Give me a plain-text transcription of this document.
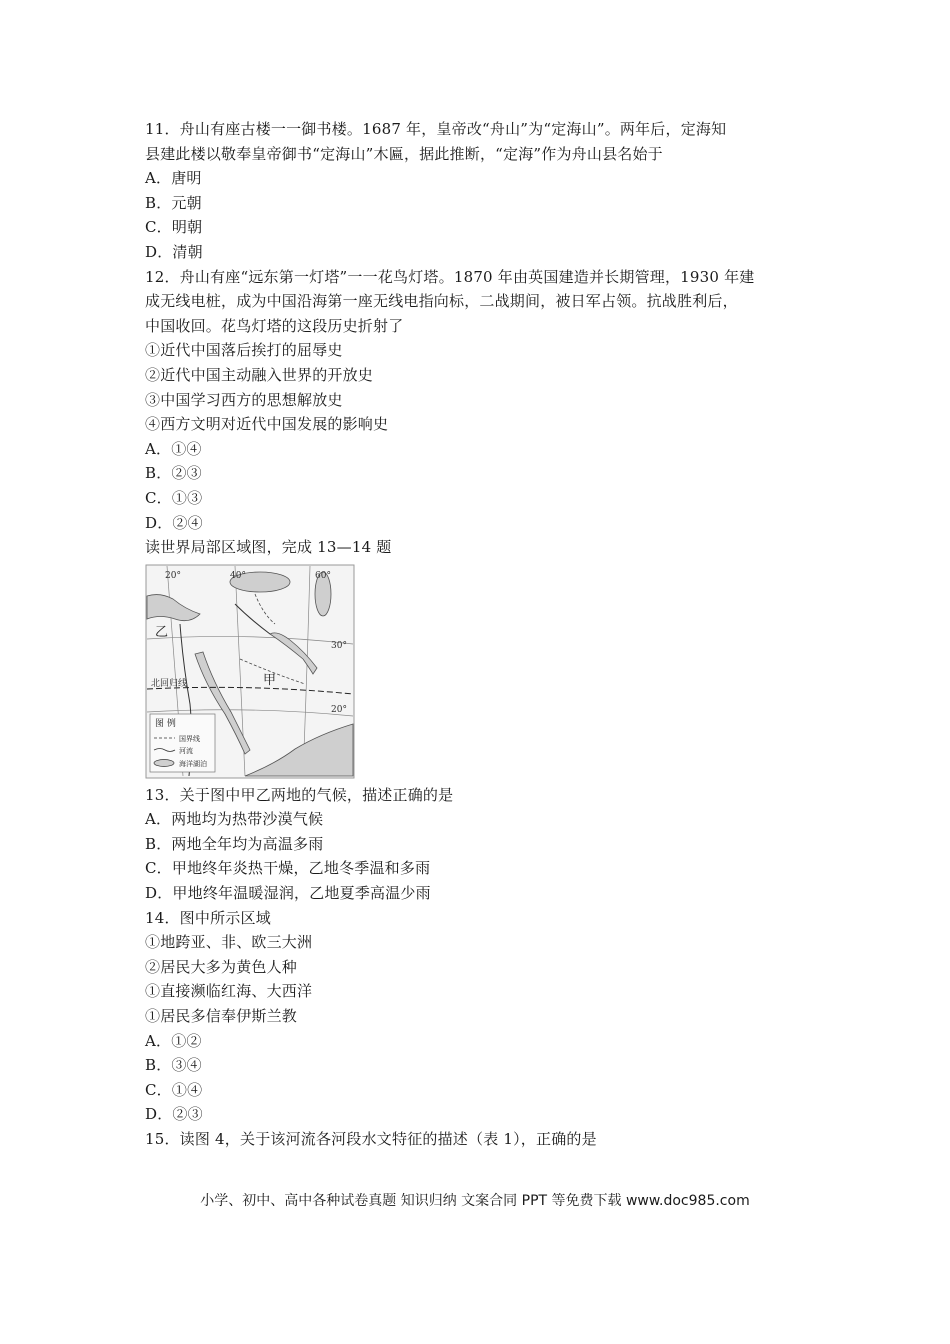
11．舟山有座古楼一一御书楼。1687 年，皇帝改“舟山”为“定海山”。两年后，定海知
县建此楼以敬奉皇帝御书“定海山”木匾，据此推断，“定海”作为舟山县名始于
A．唐明
B．元朝
C．明朝
D．清朝
12．舟山有座“远东第一灯塔”一一花鸟灯塔。1870 年由英国建造并长期管理，1930 年建
成无线电桩，成为中国沿海第一座无线电指向标，二战期间，被日军占领。抗战胜利后，
中国收回。花鸟灯塔的这段历史折射了
①近代中国落后挨打的屈辱史
②近代中国主动融入世界的开放史
③中国学习西方的思想解放史
④西方文明对近代中国发展的影响史
A．①④
B．②③
C．①③
D．②④
读世界局部区域图，完成 13—14 题
20°	40°	60°
30°
20°
乙
甲
北回归线
图 例
国界线
河流
海洋湖泊
13．关于图中甲乙两地的气候，描述正确的是
A．两地均为热带沙漠气候
B．两地全年均为高温多雨
C．甲地终年炎热干燥，乙地冬季温和多雨
D．甲地终年温暖湿润，乙地夏季高温少雨
14．图中所示区域
①地跨亚、非、欧三大洲
②居民大多为黄色人种
①直接濒临红海、大西洋
①居民多信奉伊斯兰教
A．①②
B．③④
C．①④
D．②③
15．读图 4，关于该河流各河段水文特征的描述（表 1），正确的是
小学、初中、高中各种试卷真题 知识归纳 文案合同 PPT 等免费下载 www.doc985.com
